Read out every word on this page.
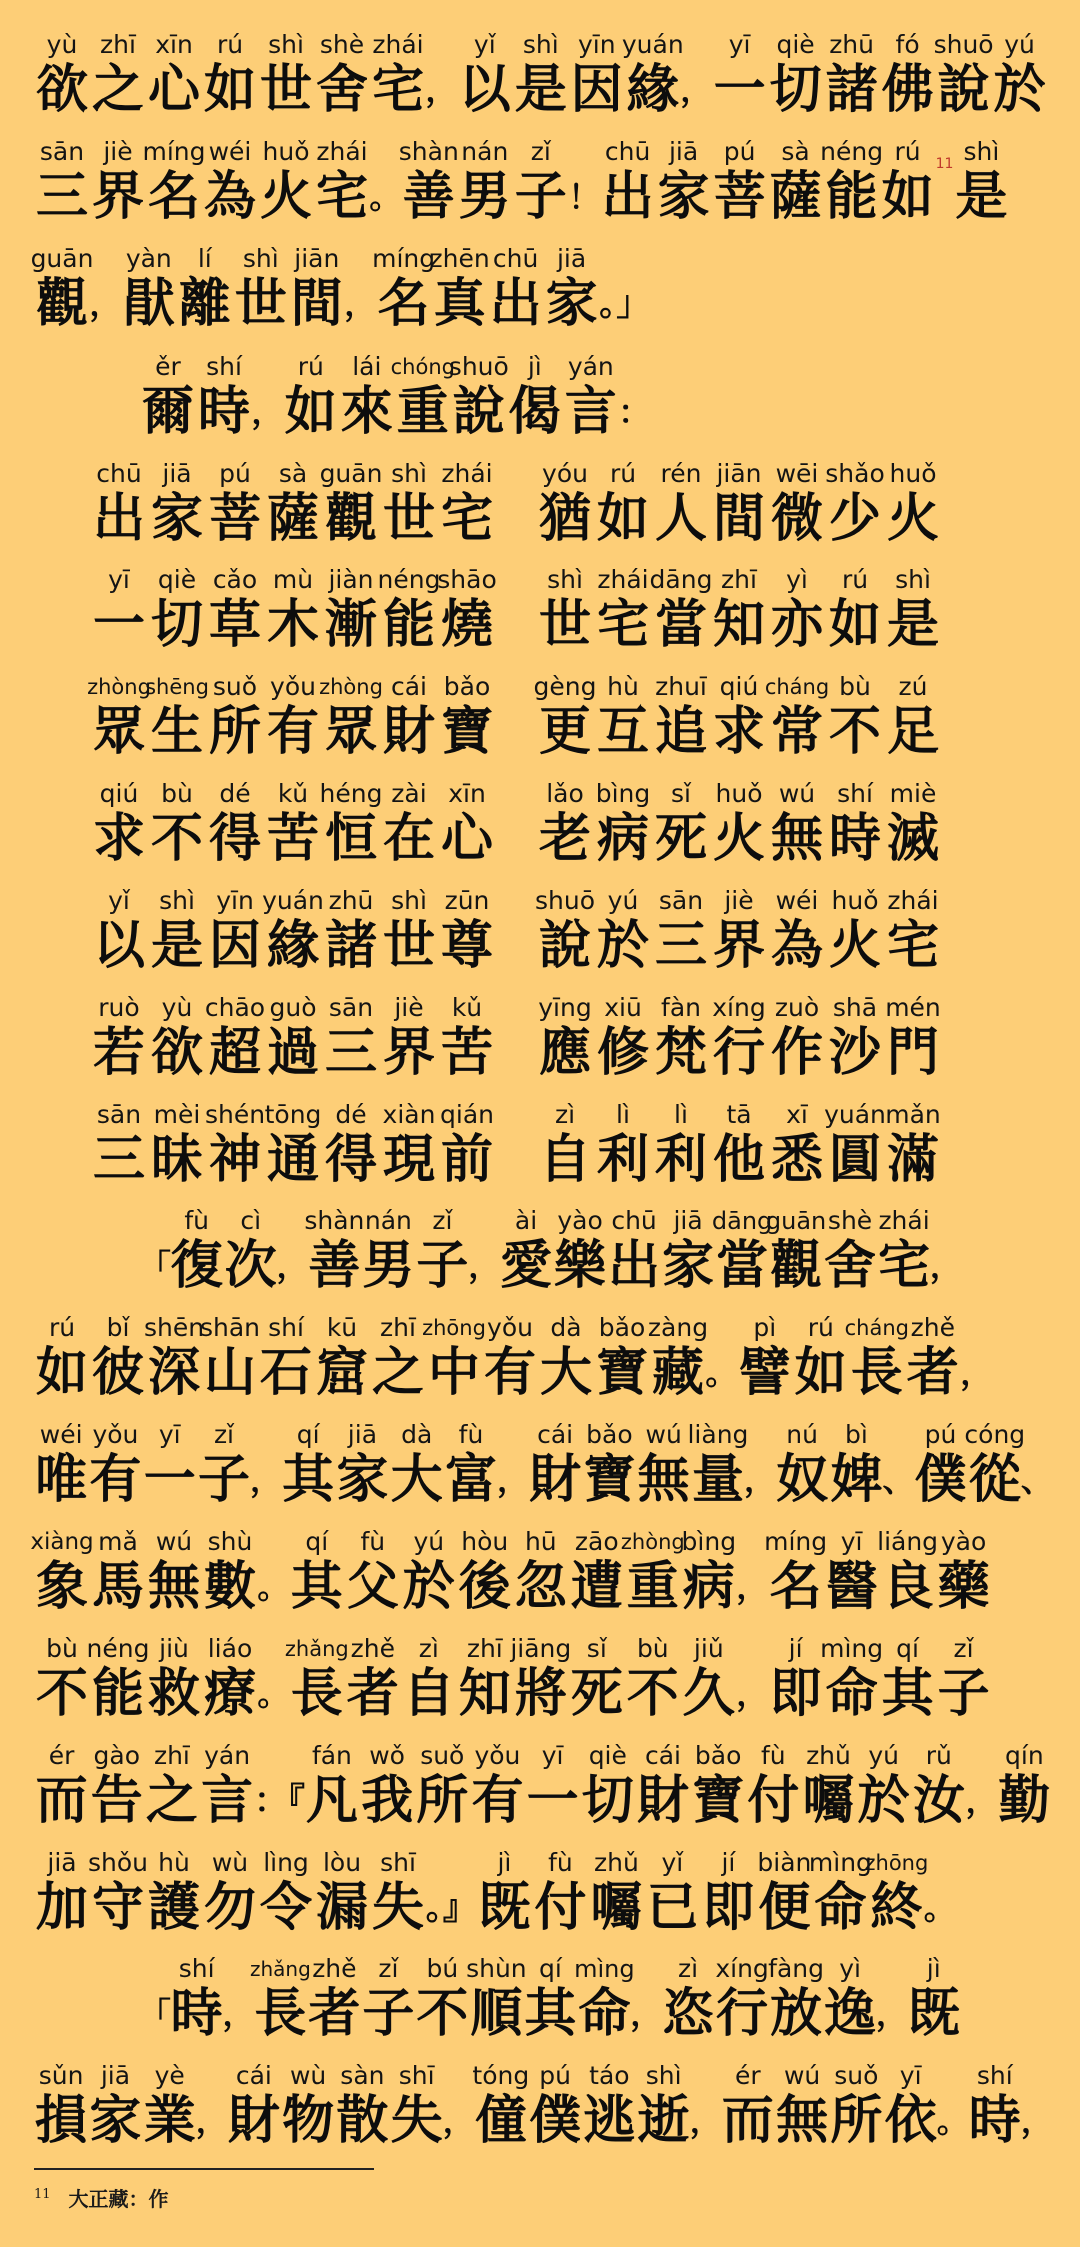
yù
欲
zhī
之
xīn
心
rú
如
shì
世
shè
舍
zhái
宅 ，
yǐ
以
shì
是
yīn
因
yuán
緣 ，
yī
一
qiè
切
zhū
諸
fó
佛
shuō
說
yú
於
sān
三
jiè
界
míng
名
wéi
為
huǒ
火
zhái
宅 。
shàn
善
nán
男
zǐ
子 ！
chū
出
jiā
家
pú
菩
sà
薩
néng
能
rú
如
11 shì
是
guān
觀 ，
yàn
猒
lí
離
shì
世
jiān
間 ，
míng
名
zhēn
真
chū
出
jiā
家 。」
ěr
爾
shí
時 ，
rú
如
lái
來
chóng
重
shuō
說
jì
偈
yán
言 ：
chū
出
jiā
家
pú
菩
sà
薩
guān
觀
shì
世
zhái
宅
yóu
猶
rú
如
rén
人
jiān
間
wēi
微
shǎo
少
huǒ
火
yī
一
qiè
切
cǎo
草
mù
木
jiàn
漸
néng
能
shāo
燒
shì
世
zhái
宅
dāng
當
zhī
知
yì
亦
rú
如
shì
是
zhòng
眾
shēng
生
suǒ
所
yǒu
有
zhòng
眾
cái
財
bǎo
寶
gèng
更
hù
互
zhuī
追
qiú
求
cháng
常
bù
不
zú
足
qiú
求
bù
不
dé
得
kǔ
苦
héng
恒
zài
在
xīn
心
lǎo
老
bìng
病
sǐ
死
huǒ
火
wú
無
shí
時
miè
滅
yǐ
以
shì
是
yīn
因
yuán
緣
zhū
諸
shì
世
zūn
尊
shuō
說
yú
於
sān
三
jiè
界
wéi
為
huǒ
火
zhái
宅
ruò
若
yù
欲
chāo
超
guò
過
sān
三
jiè
界
kǔ
苦
yīng
應
xiū
修
fàn
梵
xíng
行
zuò
作
shā
沙
mén
門
sān
三
mèi
昧
shén
神
tōng
通
dé
得
xiàn
現
qián
前
zì
自
lì
利
lì
利
tā
他
xī
悉
yuán
圓
mǎn
滿
「
fù
復
cì
次 ，
shàn
善
nán
男
zǐ
子 ，
ài
愛
yào
樂
chū
出
jiā
家
dāng
當
guān
觀
shè
舍
zhái
宅 ，
rú
如
bǐ
彼
shēn
深
shān
山
shí
石
kū
窟
zhī
之
zhōng
中
yǒu
有
dà
大
bǎo
寶
zàng
藏 。
pì
譬
rú
如
cháng
長
zhě
者 ，
wéi
唯
yǒu
有
yī
一
zǐ
子 ，
qí
其
jiā
家
dà
大
fù
富 ，
cái
財
bǎo
寶
wú
無
liàng
量 ，
nú
奴
bì
婢 、
pú
僕
cóng
從 、
xiàng
象
mǎ
馬
wú
無
shù
數 。
qí
其
fù
父
yú
於
hòu
後
hū
忽
zāo
遭
zhòng
重
bìng
病 ，
míng
名
yī
醫
liáng
良
yào
藥
bù
不
néng
能
jiù
救
liáo
療 。
zhǎng
長
zhě
者
zì
自
zhī
知
jiāng
將
sǐ
死
bù
不
jiǔ
久 ，
jí
即
mìng
命
qí
其
zǐ
子
ér
而
gào
告
zhī
之
yán
言 ：『
fán
凡
wǒ
我
suǒ
所
yǒu
有
yī
一
qiè
切
cái
財
bǎo
寶
fù
付
zhǔ
囑
yú
於
rǔ
汝 ，
qín
勤
jiā
加
shǒu
守
hù
護
wù
勿
lìng
令
lòu
漏
shī
失 。』
jì
既
fù
付
zhǔ
囑
yǐ
已
jí
即
biàn
便
mìng
命
zhōng
終 。
「
shí
時 ，
zhǎng
長
zhě
者
zǐ
子
bú
不
shùn
順
qí
其
mìng
命 ，
zì
恣
xíng
行
fàng
放
yì
逸 ，
jì
既
sǔn
損
jiā
家
yè
業 ，
cái
財
wù
物
sàn
散
shī
失 ，
tóng
僮
pú
僕
táo
逃
shì
逝 ，
ér
而
wú
無
suǒ
所
yī
依 。
shí
時 ，
$^{11}$ 大正藏：作
